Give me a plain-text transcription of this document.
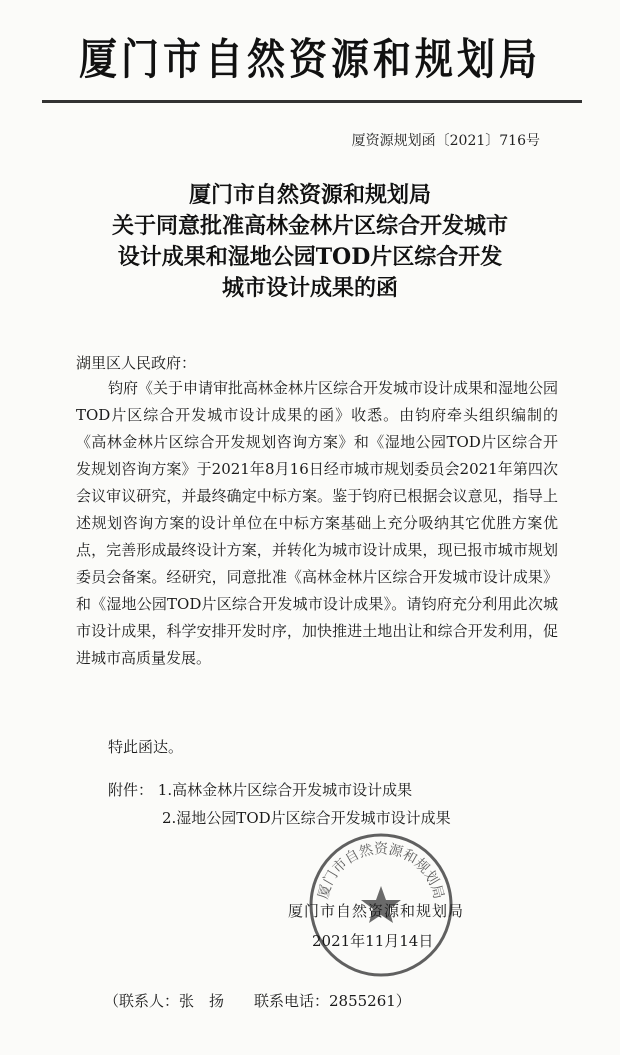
厦门市自然资源和规划局
厦资源规划函〔2021〕716号
厦门市自然资源和规划局
关于同意批准高林金林片区综合开发城市
设计成果和湿地公园TOD片区综合开发
城市设计成果的函
湖里区人民政府：
钧府《关于申请审批高林金林片区综合开发城市设计成果和湿地公园TOD片区综合开发城市设计成果的函》收悉。由钧府牵头组织编制的《高林金林片区综合开发规划咨询方案》和《湿地公园TOD片区综合开发规划咨询方案》于2021年8月16日经市城市规划委员会2021年第四次会议审议研究，并最终确定中标方案。鉴于钧府已根据会议意见，指导上述规划咨询方案的设计单位在中标方案基础上充分吸纳其它优胜方案优点，完善形成最终设计方案，并转化为城市设计成果，现已报市城市规划委员会备案。经研究，同意批准《高林金林片区综合开发城市设计成果》和《湿地公园TOD片区综合开发城市设计成果》。请钧府充分利用此次城市设计成果，科学安排开发时序，加快推进土地出让和综合开发利用，促进城市高质量发展。
特此函达。
附件： 1.高林金林片区综合开发城市设计成果
2.湿地公园TOD片区综合开发城市设计成果
厦门市自然资源和规划局
厦门市自然资源和规划局
2021年11月14日
（联系人：张　扬　　联系电话：2855261）
